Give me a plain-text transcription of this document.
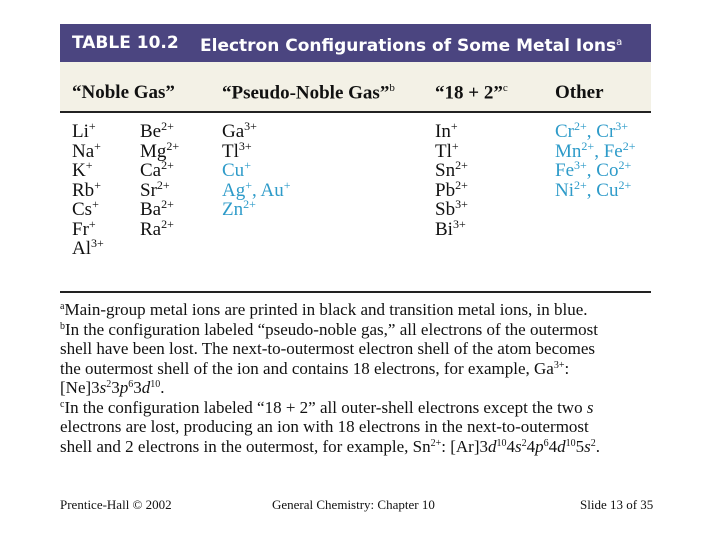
TABLE 10.2 Electron Configurations of Some Metal Ions$^a$
“Noble Gas” “Pseudo-Noble Gas”$^b$ “18 + 2”$^c$ Other
Li+
Na+
K+
Rb+
Cs+
Fr+
$Al^{3+}$
$Be^{2+}$
$Mg^{2+}$
$Ca^{2+}$
$Sr^{2+}$
$Ba^{2+}$
$Ra^{2+}$
$Ga^{3+}$
$Tl^{3+}$
Cu+
Ag+, Au+
$Zn^{2+}$
In+
Tl+
$Sn^{2+}$
$Pb^{2+}$
$Sb^{3+}$
$Bi^{3+}$
$Cr^{2+}$, $Cr^{3+}$
$Mn^{2+}$, $Fe^{2+}$
$Fe^{3+}$, $Co^{2+}$
$Ni^{2+}$, $Cu^{2+}$
$^a$Main-group metal ions are printed in black and transition metal ions, in blue.
$^b$In the configuration labeled “pseudo-noble gas,” all electrons of the outermost
shell have been lost. The next-to-outermost electron shell of the atom becomes
the outermost shell of the ion and contains 18 electrons, for example, $Ga^{3+}$:
$[Ne]3s^23p^63d^{10}$.
$^c$In the configuration labeled “18 + 2” all outer-shell electrons except the two s
electrons are lost, producing an ion with 18 electrons in the next-to-outermost
shell and 2 electrons in the outermost, for example, $Sn^{2+}$: $[Ar]3d^{10}4s^24p^64d^{10}5s^2$.
Prentice-Hall © 2002	General Chemistry: Chapter 10	Slide 13 of 35
